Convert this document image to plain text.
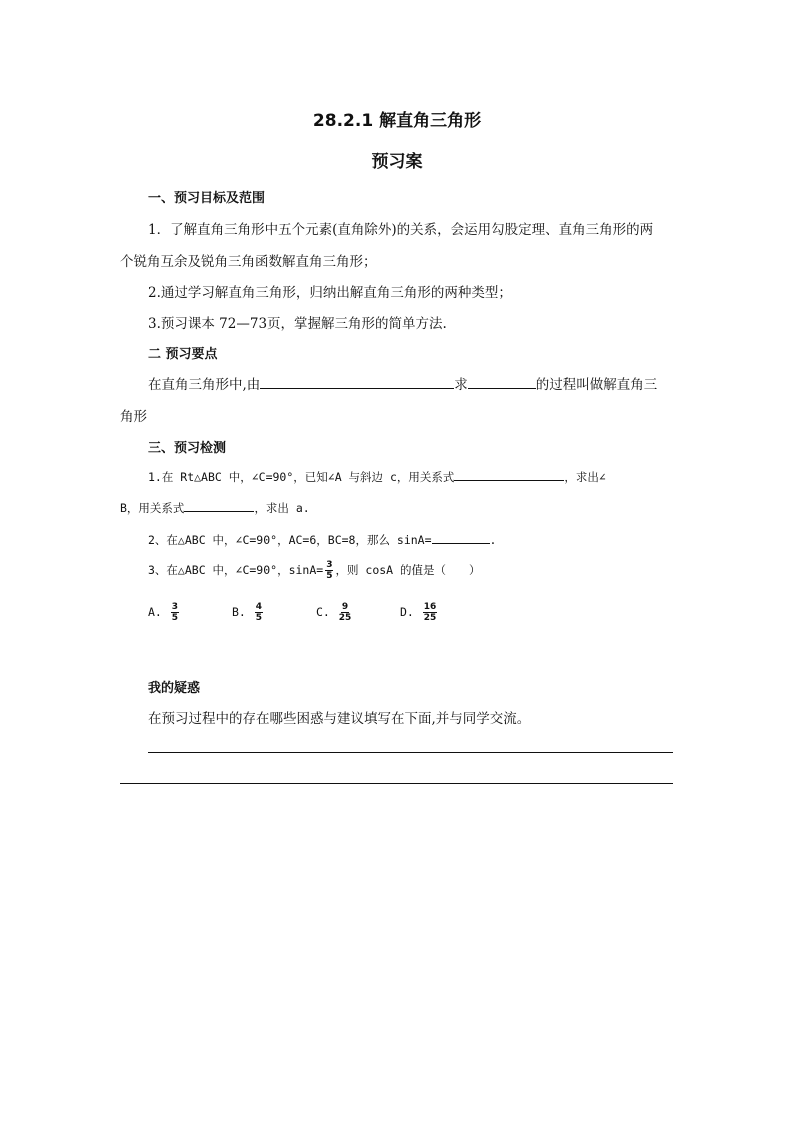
28.2.1 解直角三角形
预习案
一、预习目标及范围
1．了解直角三角形中五个元素(直角除外)的关系，会运用勾股定理、直角三角形的两
个锐角互余及锐角三角函数解直角三角形；
2.通过学习解直角三角形，归纳出解直角三角形的两种类型；
3.预习课本 72—73页，掌握解三角形的简单方法.
二 预习要点
在直角三角形中,由	求	的过程叫做解直角三
角形
三、预习检测
1.在 Rt△ABC 中，∠C=90°，已知∠A 与斜边 c，用关系式	，求出∠
B，用关系式	，求出 a.
2、在△ABC 中，∠C=90°，AC=6，BC=8，那么 sinA=	.
3、在△ABC 中，∠C=90°，$\sin A= \frac{3}{5}$ ，则 cosA 的值是（　　）
A. $\frac{3}{5}$	B. $\frac{4}{5}$	C. $\frac{9}{25}$	D. $\frac{16}{25}$
我的疑惑
在预习过程中的存在哪些困惑与建议填写在下面,并与同学交流。
